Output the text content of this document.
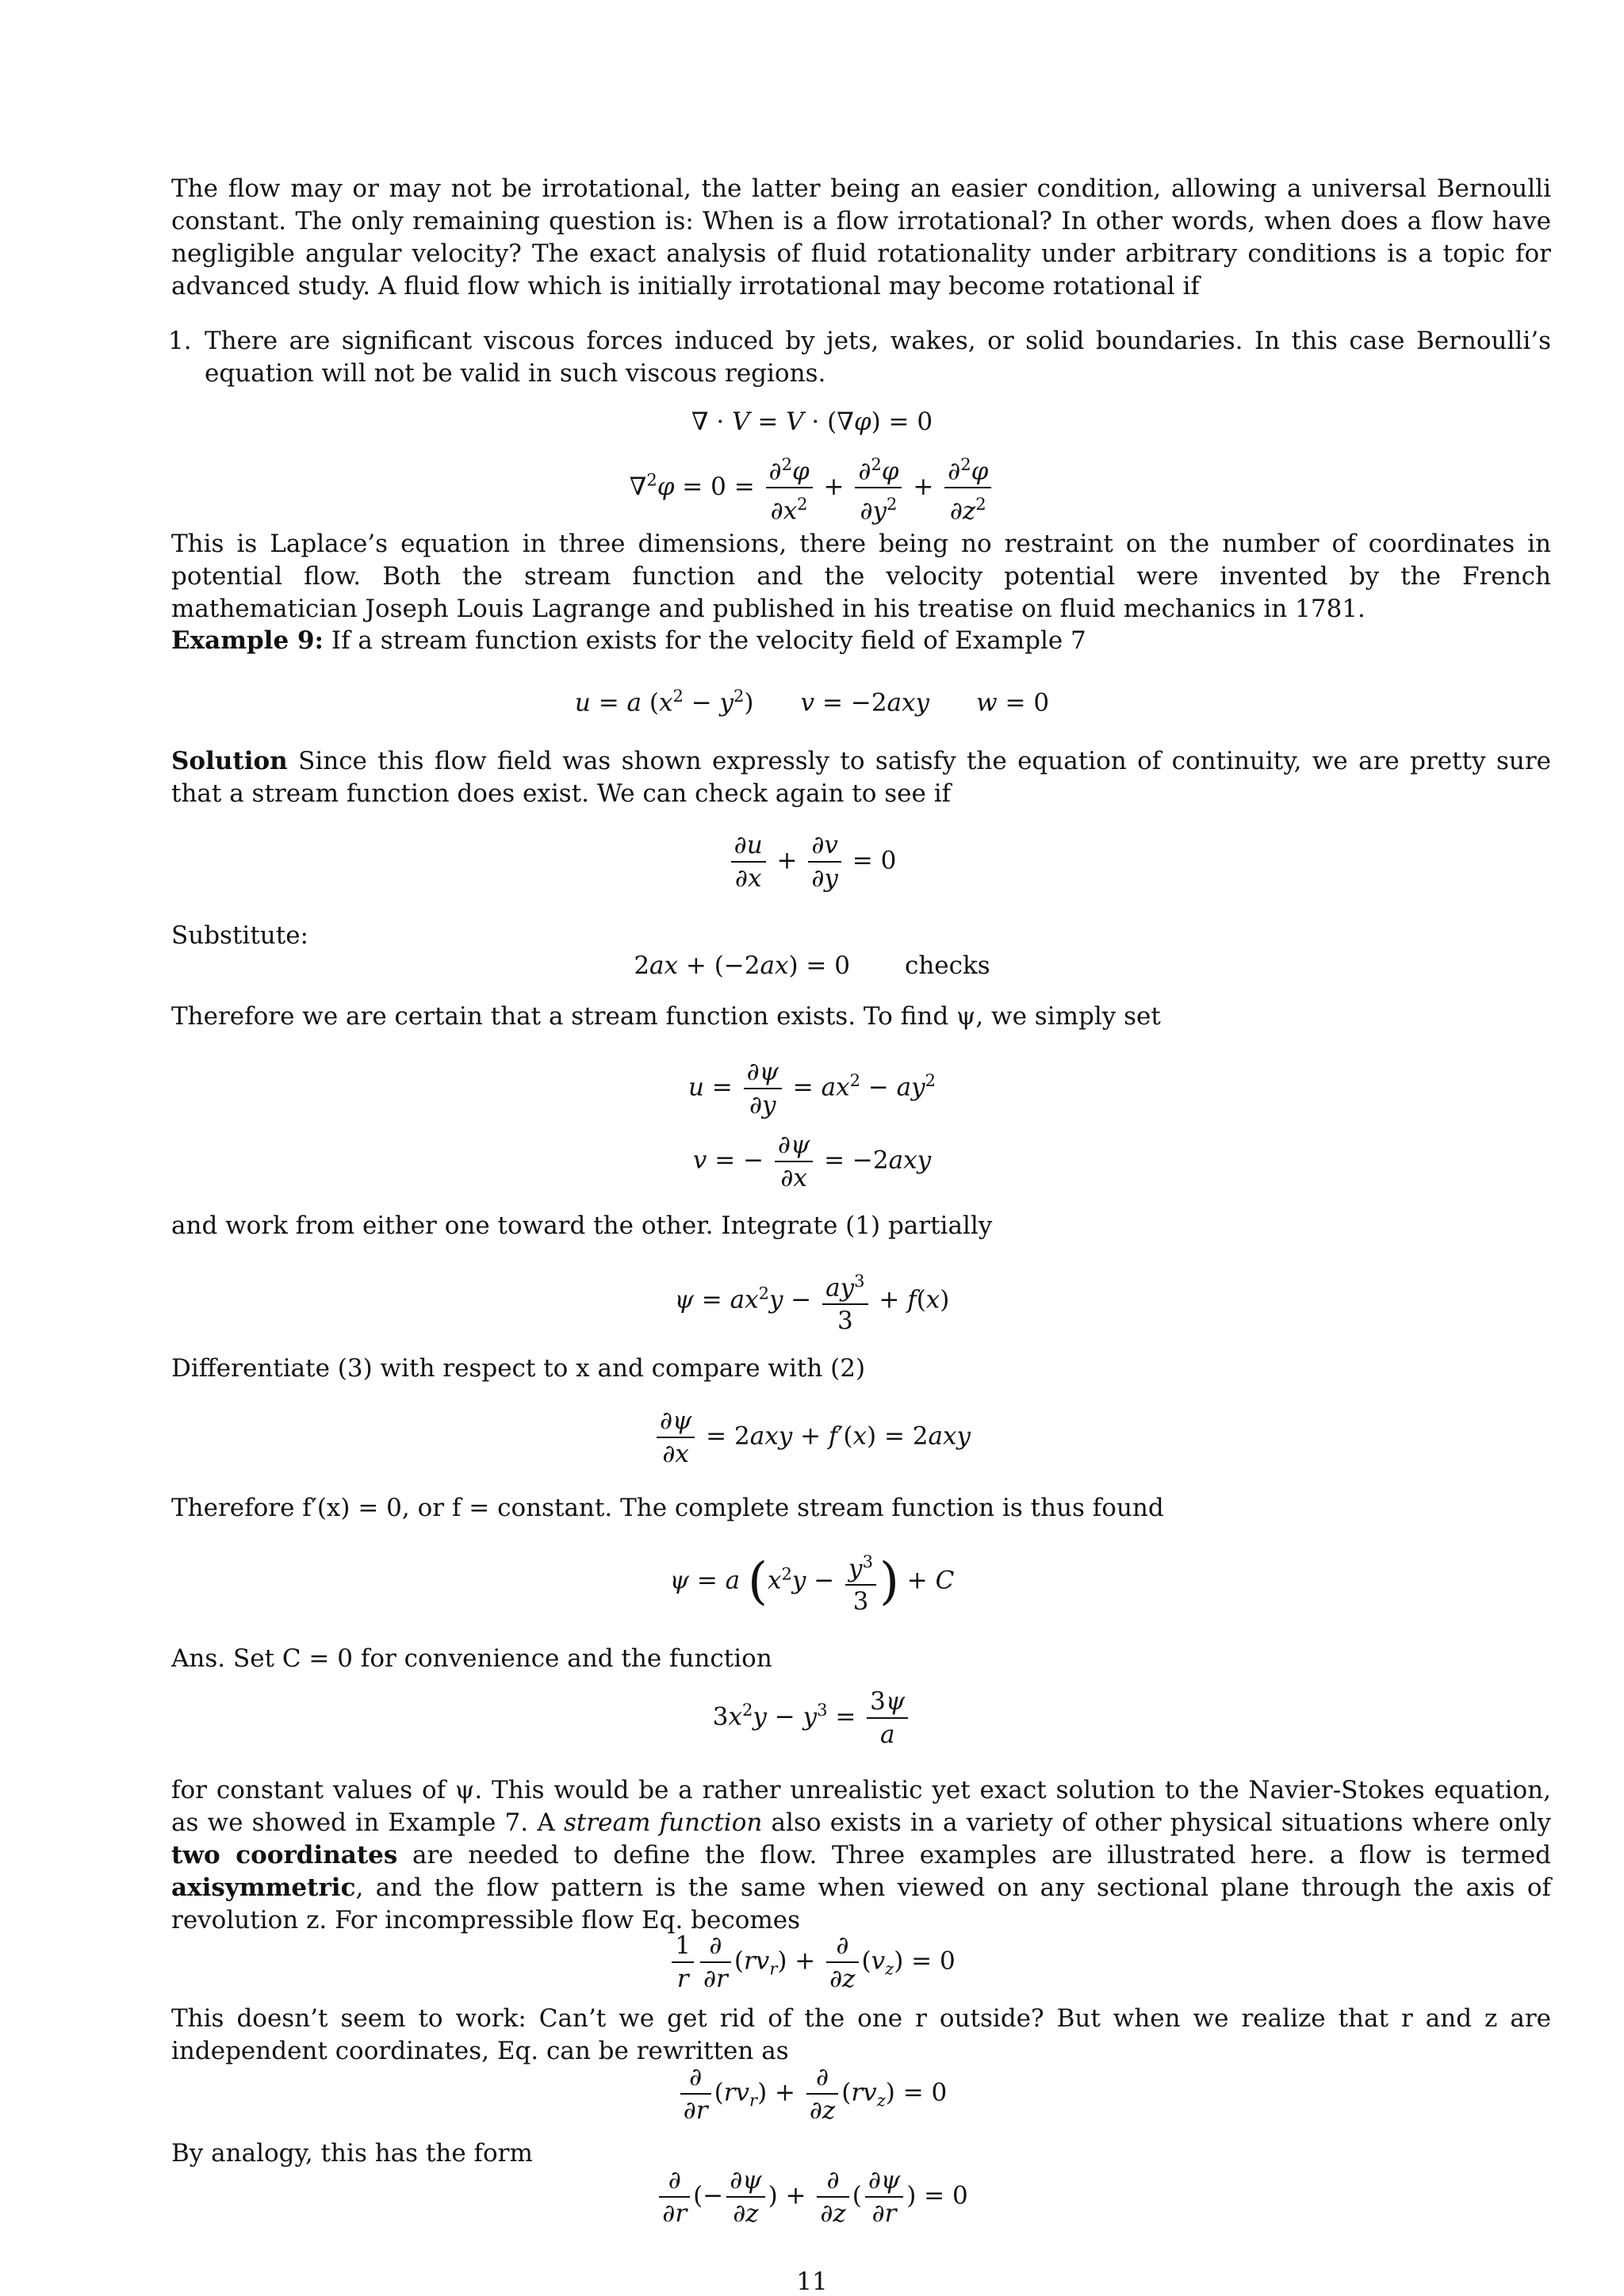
The flow may or may not be irrotational, the latter being an easier condition, allowing a universal Bernoulli constant. The only remaining question is: When is a flow irrotational? In other words, when does a flow have negligible angular velocity? The exact analysis of fluid rotationality under arbitrary conditions is a topic for advanced study. A fluid flow which is initially irrotational may become rotational if

1. There are significant viscous forces induced by jets, wakes, or solid boundaries. In this case Bernoulli’s equation will not be valid in such viscous regions.
∇ · V = V · (∇φ) = 0
$\nabla^2\varphi = 0 = \frac{\partial^2\varphi}{\partial x^2} + \frac{\partial^2\varphi}{\partial y^2} + \frac{\partial^2\varphi}{\partial z^2}$

This is Laplace’s equation in three dimensions, there being no restraint on the number of coordinates in potential flow. Both the stream function and the velocity potential were invented by the French mathematician Joseph Louis Lagrange and published in his treatise on fluid mechanics in 1781.

Example 9: If a stream function exists for the velocity field of Example 7
u = a $(x^2 - y^2)$      v = −2axy w = 0

Solution Since this flow field was shown expressly to satisfy the equation of continuity, we are pretty sure that a stream function does exist. We can check again to see if

$\frac{\partial u}{\partial x} + \frac{\partial v}{\partial y} = 0$
Substitute:
2ax + (−2ax) = 0       checks
Therefore we are certain that a stream function exists. To find ψ, we simply set
$u = \frac{\partial\psi}{\partial y} = ax^2 - ay^2$
v = − $\frac{\partial\psi}{\partial x} = -2axy$
and work from either one toward the other. Integrate (1) partially
$\psi = ax^2y - \frac{ay^3}{3} + f(x)$
Differentiate (3) with respect to x and compare with (2)
$\frac{\partial\psi}{\partial x} = 2axy + f'(x) = 2axy$
Therefore f′(x) = 0, or f = constant. The complete stream function is thus found
ψ = a ($x^2y - \frac{y^3}{3}$ ) + C
Ans. Set C = 0 for convenience and the function
$3x^2y - y^3 = \frac{3\psi}{a}$

for constant values of ψ. This would be a rather unrealistic yet exact solution to the Navier-Stokes equation, as we showed in Example 7. A stream function also exists in a variety of other physical situations where only two coordinates are needed to define the flow. Three examples are illustrated here. a flow is termed axisymmetric, and the flow pattern is the same when viewed on any sectional plane through the axis of revolution z. For incompressible flow Eq. becomes

$\frac{1}{r} \frac{\partial}{\partial r} (rv_r) + \frac{\partial}{\partial z} (v_z) = 0$

This doesn’t seem to work: Can’t we get rid of the one r outside? But when we realize that r and z are independent coordinates, Eq. can be rewritten as

$\frac{\partial}{\partial r} (rv_r) + \frac{\partial}{\partial z} (rv_z) = 0$
By analogy, this has the form
$\frac{\partial}{\partial r}$ (− $\frac{\partial\psi}{\partial z}$ ) + $\frac{\partial}{\partial z}$ ( $\frac{\partial\psi}{\partial r}$ ) = 0
11
